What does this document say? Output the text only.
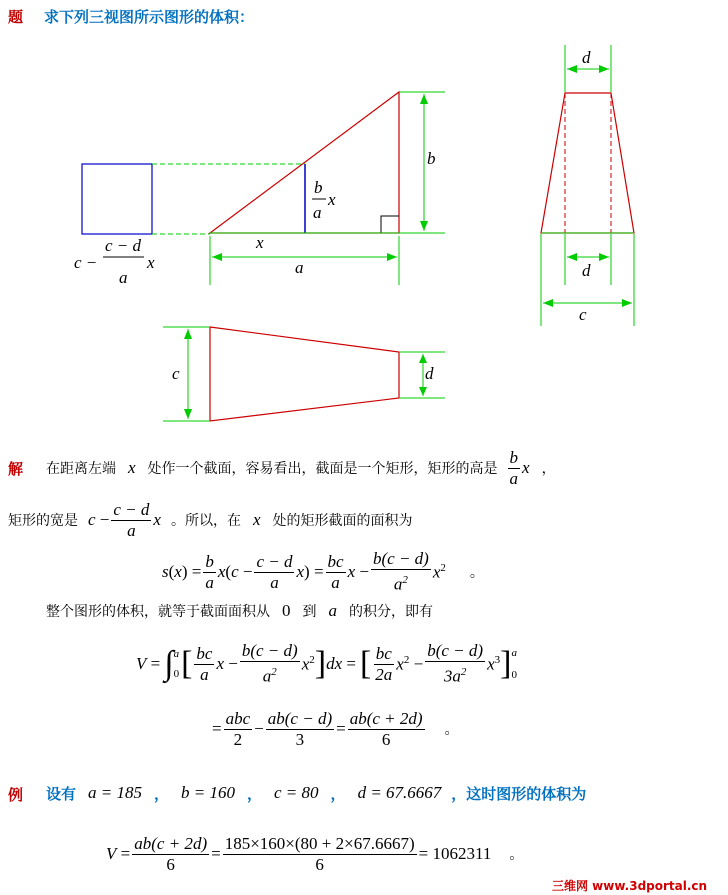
题 求下列三视图所示图形的体积：
d
b
x
a	d
c
c	d
b
a
x
c −
c − d
a
x
解 在距离左端 x 处作一个截面，容易看出，截面是一个矩形，矩形的高是 $\frac{b}{a}$ x ，
矩形的宽是 $c - \frac{c - d}{a}$ x 。所以，在 x 处的矩形截面的面积为
$s(x) = \frac{b}{a} x(c - \frac{c - d}{a} x) = \frac{bc}{a}$ $x - \frac{b(c - d)}{a^2} x^2$ 。
整个图形的体积，就等于截面面积从 0 到 a 的积分，即有
V = ∫ a
0 [ $\frac{bc}{a}$ $x - \frac{b(c - d)}{a^2} x^2$ ] dx = [ $\frac{bc}{2a} x^2 - \frac{b(c - d)}{3a^2} x^3$ ] a
0
= $\frac{\text{abc}}{2} - \frac{ab(c - d)}{3} = \frac{ab(c + 2d)}{6}$ 。
例 设有 a = 185 ， b = 160 ， c = 80 ， d = 67.6667 ，这时图形的体积为
$V = \frac{ab(c + 2d)}{6} = \frac{185\times 160\times(80 + 2\times 67.6667)}{6} = 1062311$ 。
三维网 www.3dportal.cn
